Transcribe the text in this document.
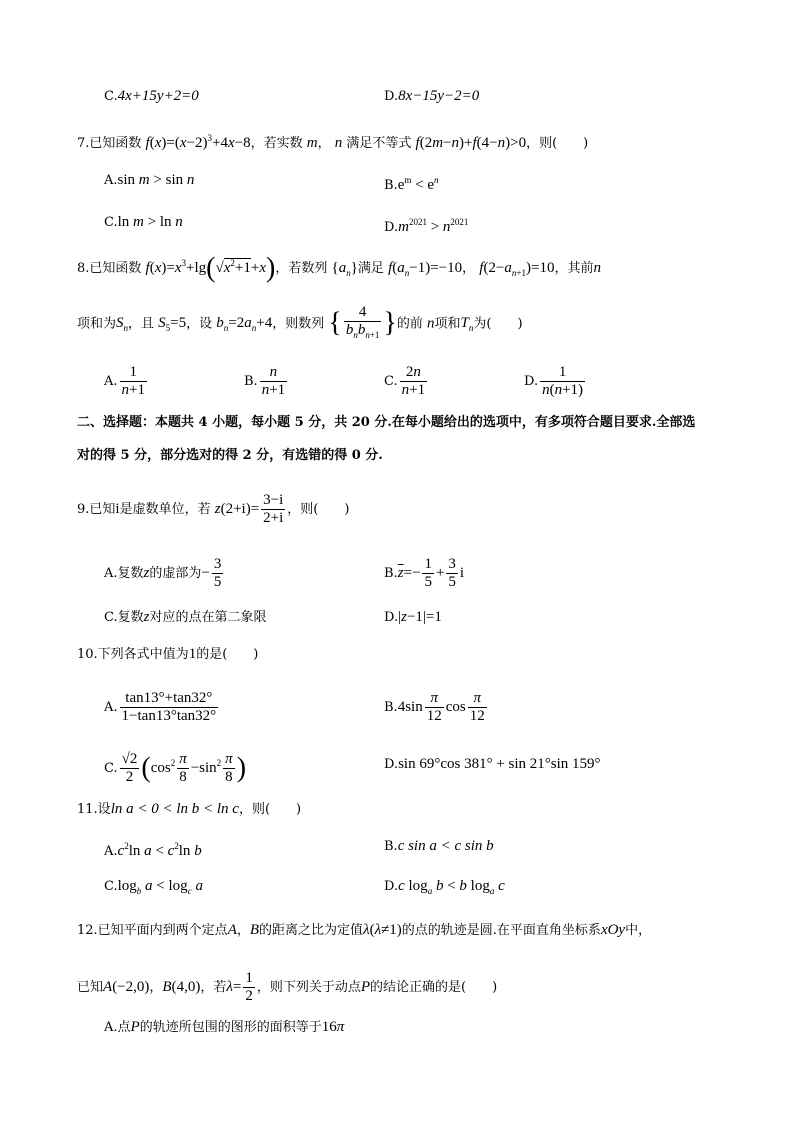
C.4x+15y+2=0	D.8x−15y−2=0
7.已知函数 $f(x)=(x-2)^3+4x-8$，若实数 m， n 满足不等式 f(2m−n)+f(4−n)>0，则(　　)
A.sin m > sin n	$B.e^m < e^n$
C.ln m > ln n	$D.m^{2021} > n^{2021}$
8.已知函数 $f(x)=x^3+\lg(√x^2+1+x)$，若数列 $\{a_n\}$满足 $f(a_n-1)=-10$， $f(2-a_{n+1})=10$，其前n
项和为$S_n$，且 $S_5=5$，设 $b_n=2a_n+4$，则数列 { $\frac{4}{b_nb_{n+1}}$ }的前 n项和$T_n$为(　　)
A. $\frac{1}{n+1}$	B. $\frac{n}{n+1}$	C. $\frac{2n}{n+1}$	D. $\frac{1}{n(n+1)}$
二、选择题：本题共 4 小题，每小题 5 分，共 20 分.在每小题给出的选项中，有多项符合题目要求.全部选
对的得 5 分，部分选对的得 2 分，有选错的得 0 分.
9.已知i是虚数单位，若 $z(2+i)= \frac{3-i}{2+i}$ ，则(　　)
A.复数z的虚部为− $\frac{3}{5}$	$B.\overline{z}=- \frac{1}{5} + \frac{3}{5}$ i
C.复数z对应的点在第二象限	D.|z−1|=1
10.下列各式中值为1的是(　　)
A. $\frac{\tan 13^\circ+\tan 32^\circ}{1-\tan 13^\circ\tan 32^\circ}$	$B.4\sin \frac{\pi}{12}$ $\cos \frac{\pi}{12}$
C. $\frac{√2}{2} (\cos^2 \frac{\pi}{8} -\sin^2 \frac{\pi}{8}$ )	D.sin 69°cos 381° + sin 21°sin 159°
11.设ln a < 0 < ln b < ln c，则(　　)
$A.c^2\ln$ $a < c^2\ln$ b	B.c sin a < c sin b
$C.\log_b$ $a < \log_c a$	D.c $\log_a b < b$ $\log_a c$
12.已知平面内到两个定点A，B的距离之比为定值λ(λ≠1)的点的轨迹是圆.在平面直角坐标系xOy中，
已知A(−2,0)，B(4,0)，若$\lambda= \frac{1}{2}$ ，则下列关于动点P的结论正确的是(　　)
A.点P的轨迹所包围的图形的面积等于16π
